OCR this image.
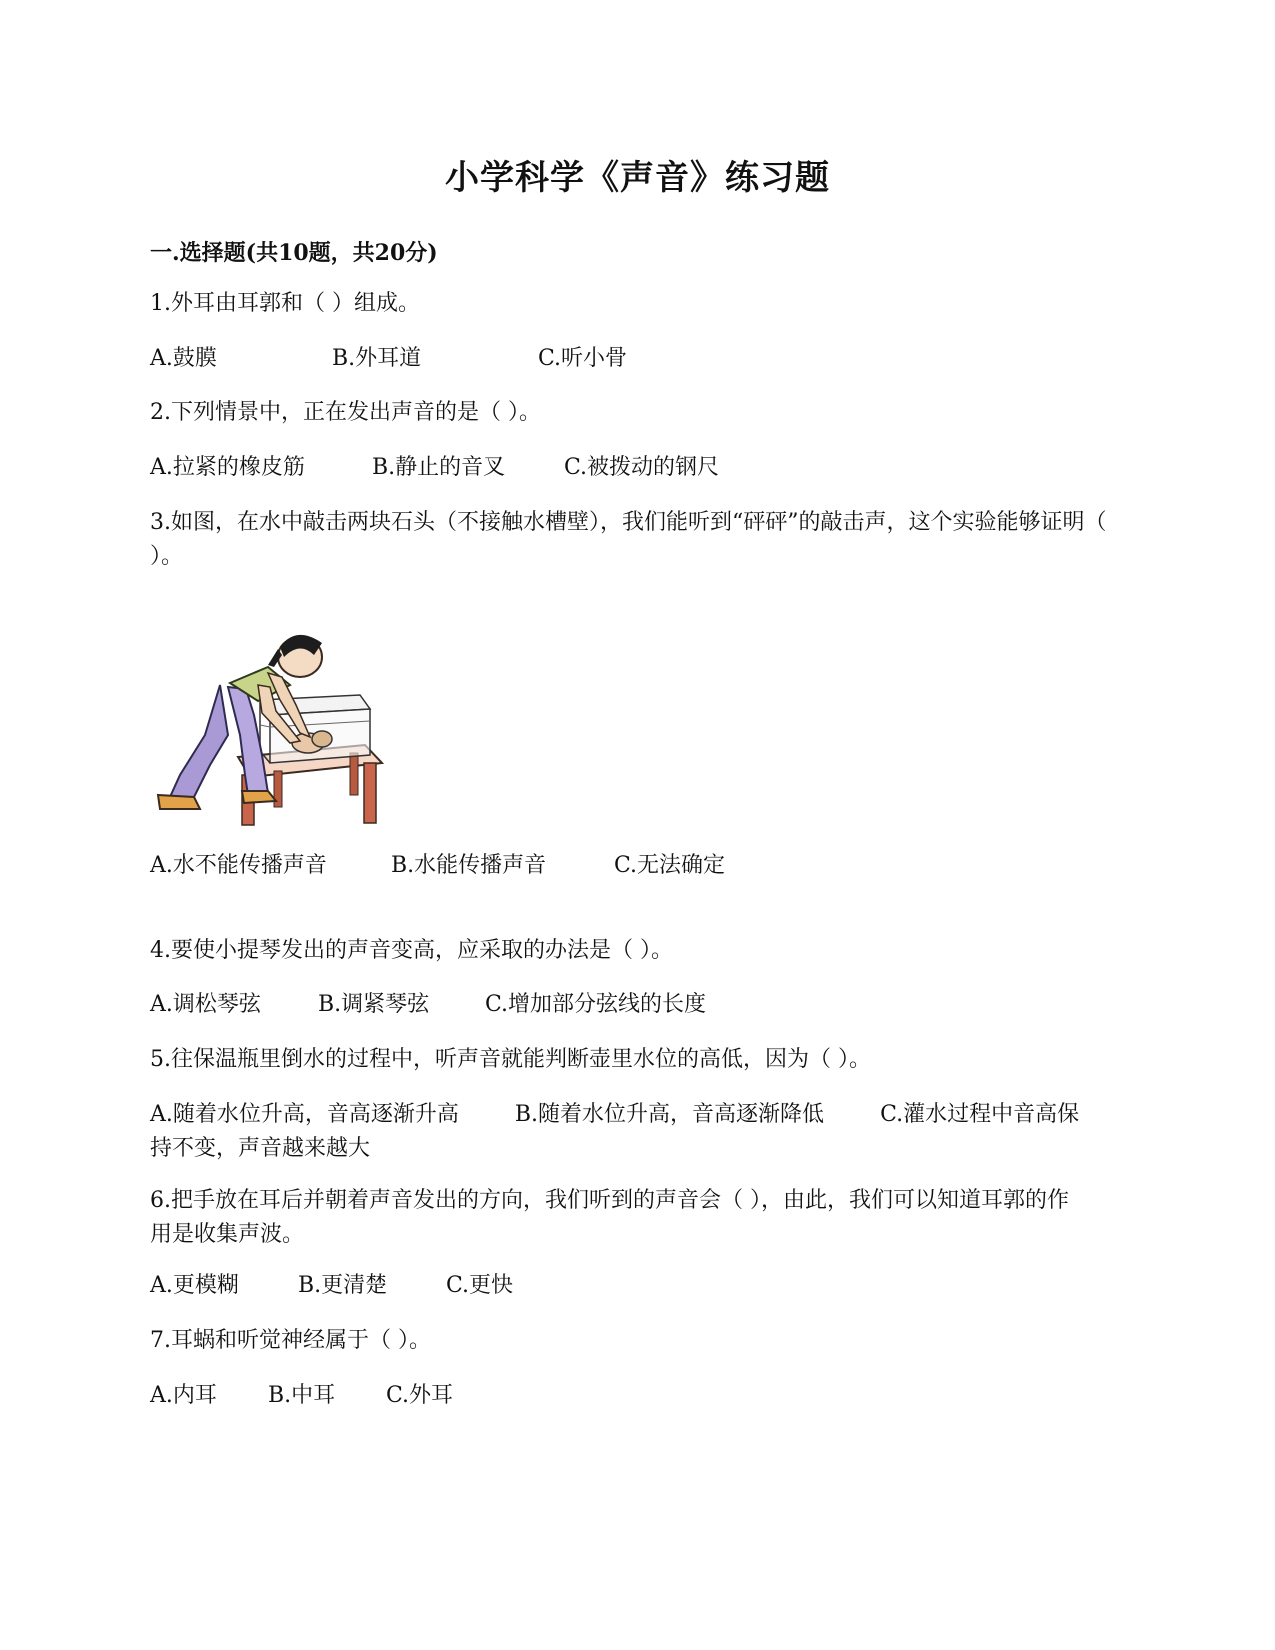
小学科学《声音》练习题
一.选择题(共10题，共20分)
1.外耳由耳郭和（ ）组成。
A.鼓膜	B.外耳道	C.听小骨
2.下列情景中，正在发出声音的是（ ）。
A.拉紧的橡皮筋	B.静止的音叉	C.被拨动的钢尺
3.如图，在水中敲击两块石头（不接触水槽壁），我们能听到“砰砰”的敲击声，这个实验能够证明（ ）。
A.水不能传播声音	B.水能传播声音	C.无法确定
4.要使小提琴发出的声音变高，应采取的办法是（ ）。
A.调松琴弦	B.调紧琴弦	C.增加部分弦线的长度
5.往保温瓶里倒水的过程中，听声音就能判断壶里水位的高低，因为（ ）。
A.随着水位升高，音高逐渐升高	B.随着水位升高，音高逐渐降低	C.灌水过程中音高保持不变，声音越来越大
6.把手放在耳后并朝着声音发出的方向，我们听到的声音会（ ），由此，我们可以知道耳郭的作用是收集声波。
A.更模糊	B.更清楚	C.更快
7.耳蜗和听觉神经属于（ ）。
A.内耳 B.中耳 C.外耳
